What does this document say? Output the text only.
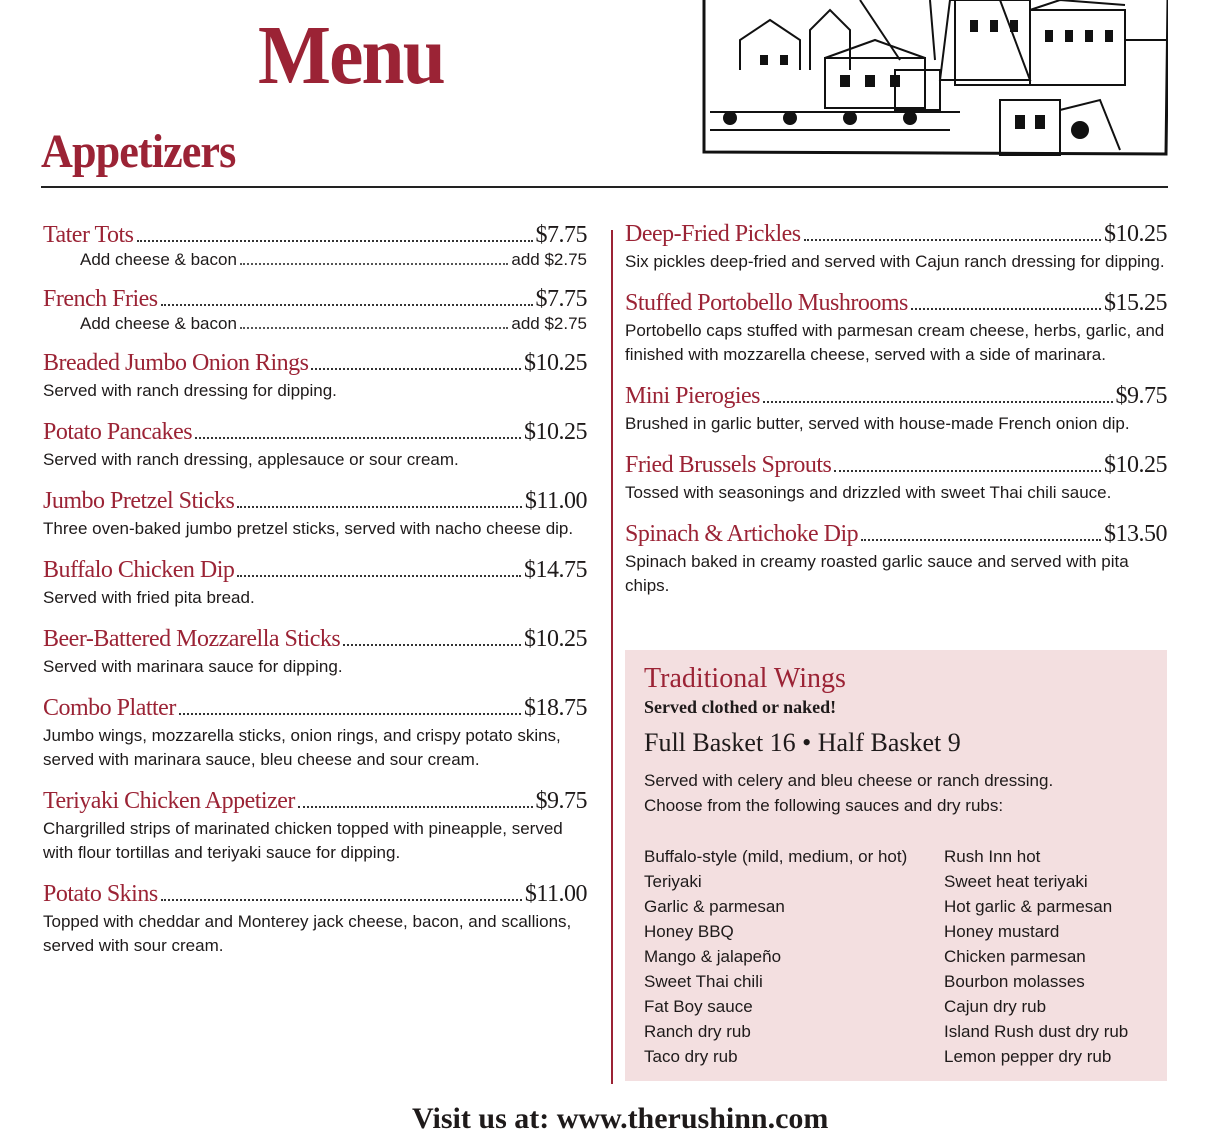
Menu
Appetizers
Tater Tots	$7.75
Add cheese & bacon	add $2.75
French Fries	$7.75
Add cheese & bacon	add $2.75
Breaded Jumbo Onion Rings	$10.25
Served with ranch dressing for dipping.
Potato Pancakes	$10.25
Served with ranch dressing, applesauce or sour cream.
Jumbo Pretzel Sticks	$11.00
Three oven-baked jumbo pretzel sticks, served with nacho cheese dip.
Buffalo Chicken Dip	$14.75
Served with fried pita bread.
Beer-Battered Mozzarella Sticks	$10.25
Served with marinara sauce for dipping.
Combo Platter	$18.75
Jumbo wings, mozzarella sticks, onion rings, and crispy potato skins, served with marinara sauce, bleu cheese and sour cream.
Teriyaki Chicken Appetizer	$9.75
Chargrilled strips of marinated chicken topped with pineapple, served with flour tortillas and teriyaki sauce for dipping.
Potato Skins	$11.00
Topped with cheddar and Monterey jack cheese, bacon, and scallions, served with sour cream.
Deep-Fried Pickles	$10.25
Six pickles deep-fried and served with Cajun ranch dressing for dipping.
Stuffed Portobello Mushrooms	$15.25
Portobello caps stuffed with parmesan cream cheese, herbs, garlic, and finished with mozzarella cheese, served with a side of marinara.
Mini Pierogies	$9.75
Brushed in garlic butter, served with house-made French onion dip.
Fried Brussels Sprouts	$10.25
Tossed with seasonings and drizzled with sweet Thai chili sauce.
Spinach & Artichoke Dip	$13.50
Spinach baked in creamy roasted garlic sauce and served with pita chips.
Traditional Wings
Served clothed or naked!
Full Basket 16 • Half Basket 9
Served with celery and bleu cheese or ranch dressing.
Choose from the following sauces and dry rubs:
Buffalo-style (mild, medium, or hot)
Teriyaki
Garlic & parmesan
Honey BBQ
Mango & jalapeño
Sweet Thai chili
Fat Boy sauce
Ranch dry rub
Taco dry rub
Rush Inn hot
Sweet heat teriyaki
Hot garlic & parmesan
Honey mustard
Chicken parmesan
Bourbon molasses
Cajun dry rub
Island Rush dust dry rub
Lemon pepper dry rub
Visit us at: www.therushinn.com
